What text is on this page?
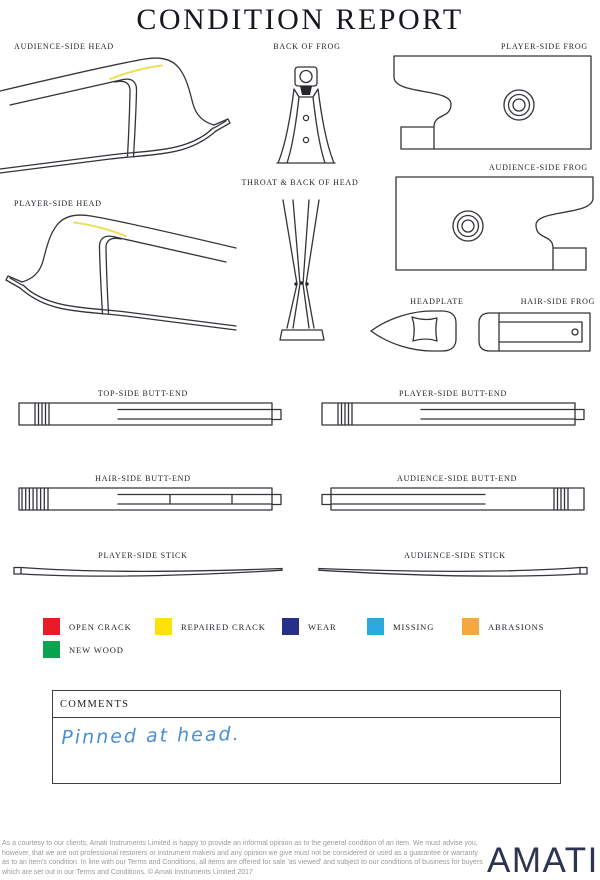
CONDITION REPORT
AUDIENCE-SIDE HEAD	BACK OF FROG	PLAYER-SIDE FROG
AUDIENCE-SIDE FROG
PLAYER-SIDE HEAD
THROAT & BACK OF HEAD
HEADPLATE	HAIR-SIDE FROG
TOP-SIDE BUTT-END	PLAYER-SIDE BUTT-END
HAIR-SIDE BUTT-END	AUDIENCE-SIDE BUTT-END
PLAYER-SIDE STICK	AUDIENCE-SIDE STICK
OPEN CRACK	REPAIRED CRACK	WEAR	MISSING	ABRASIONS
NEW WOOD
COMMENTS
Pinned at head.
As a courtesy to our clients, Amati Instruments Limited is happy to provide an informal opinion as to the general condition of an item. We must advise you, however, that we are not professional restorers or instrument makers and any opinion we give must not be considered or used as a guarantee or warranty as to an item's condition. In line with our Terms and Conditions, all items are offered for sale 'as viewed' and subject to our conditions of business for buyers which are set out in our Terms and Conditions. © Amati Instruments Limited 2017	AMATI
